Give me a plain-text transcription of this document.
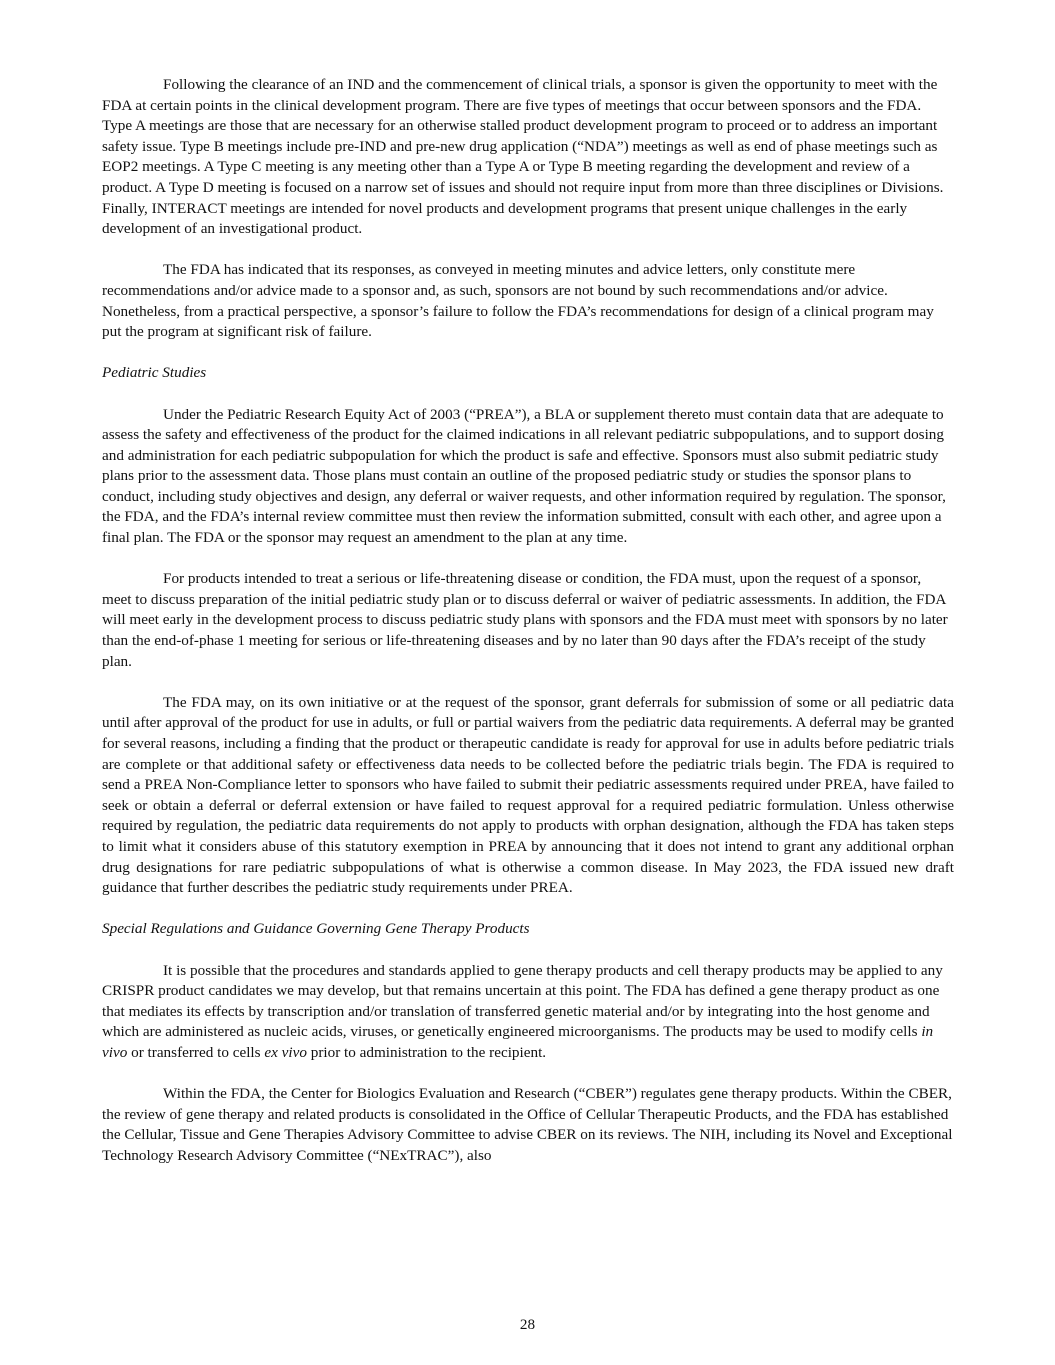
Following the clearance of an IND and the commencement of clinical trials, a sponsor is given the opportunity to meet with the FDA at certain points in the clinical development program. There are five types of meetings that occur between sponsors and the FDA. Type A meetings are those that are necessary for an otherwise stalled product development program to proceed or to address an important safety issue. Type B meetings include pre-IND and pre-new drug application (“NDA”) meetings as well as end of phase meetings such as EOP2 meetings. A Type C meeting is any meeting other than a Type A or Type B meeting regarding the development and review of a product. A Type D meeting is focused on a narrow set of issues and should not require input from more than three disciplines or Divisions. Finally, INTERACT meetings are intended for novel products and development programs that present unique challenges in the early development of an investigational product.

The FDA has indicated that its responses, as conveyed in meeting minutes and advice letters, only constitute mere recommendations and/or advice made to a sponsor and, as such, sponsors are not bound by such recommendations and/or advice. Nonetheless, from a practical perspective, a sponsor’s failure to follow the FDA’s recommendations for design of a clinical program may put the program at significant risk of failure.

Pediatric Studies

Under the Pediatric Research Equity Act of 2003 (“PREA”), a BLA or supplement thereto must contain data that are adequate to assess the safety and effectiveness of the product for the claimed indications in all relevant pediatric subpopulations, and to support dosing and administration for each pediatric subpopulation for which the product is safe and effective. Sponsors must also submit pediatric study plans prior to the assessment data. Those plans must contain an outline of the proposed pediatric study or studies the sponsor plans to conduct, including study objectives and design, any deferral or waiver requests, and other information required by regulation. The sponsor, the FDA, and the FDA’s internal review committee must then review the information submitted, consult with each other, and agree upon a final plan. The FDA or the sponsor may request an amendment to the plan at any time.

For products intended to treat a serious or life-threatening disease or condition, the FDA must, upon the request of a sponsor, meet to discuss preparation of the initial pediatric study plan or to discuss deferral or waiver of pediatric assessments. In addition, the FDA will meet early in the development process to discuss pediatric study plans with sponsors and the FDA must meet with sponsors by no later than the end-of-phase 1 meeting for serious or life-threatening diseases and by no later than 90 days after the FDA’s receipt of the study plan.

The FDA may, on its own initiative or at the request of the sponsor, grant deferrals for submission of some or all pediatric data until after approval of the product for use in adults, or full or partial waivers from the pediatric data requirements. A deferral may be granted for several reasons, including a finding that the product or therapeutic candidate is ready for approval for use in adults before pediatric trials are complete or that additional safety or effectiveness data needs to be collected before the pediatric trials begin. The FDA is required to send a PREA Non-Compliance letter to sponsors who have failed to submit their pediatric assessments required under PREA, have failed to seek or obtain a deferral or deferral extension or have failed to request approval for a required pediatric formulation. Unless otherwise required by regulation, the pediatric data requirements do not apply to products with orphan designation, although the FDA has taken steps to limit what it considers abuse of this statutory exemption in PREA by announcing that it does not intend to grant any additional orphan drug designations for rare pediatric subpopulations of what is otherwise a common disease. In May 2023, the FDA issued new draft guidance that further describes the pediatric study requirements under PREA.

Special Regulations and Guidance Governing Gene Therapy Products

It is possible that the procedures and standards applied to gene therapy products and cell therapy products may be applied to any CRISPR product candidates we may develop, but that remains uncertain at this point. The FDA has defined a gene therapy product as one that mediates its effects by transcription and/or translation of transferred genetic material and/or by integrating into the host genome and which are administered as nucleic acids, viruses, or genetically engineered microorganisms. The products may be used to modify cells in vivo or transferred to cells ex vivo prior to administration to the recipient.

Within the FDA, the Center for Biologics Evaluation and Research (“CBER”) regulates gene therapy products. Within the CBER, the review of gene therapy and related products is consolidated in the Office of Cellular Therapeutic Products, and the FDA has established the Cellular, Tissue and Gene Therapies Advisory Committee to advise CBER on its reviews. The NIH, including its Novel and Exceptional Technology Research Advisory Committee (“NExTRAC”), also

28
